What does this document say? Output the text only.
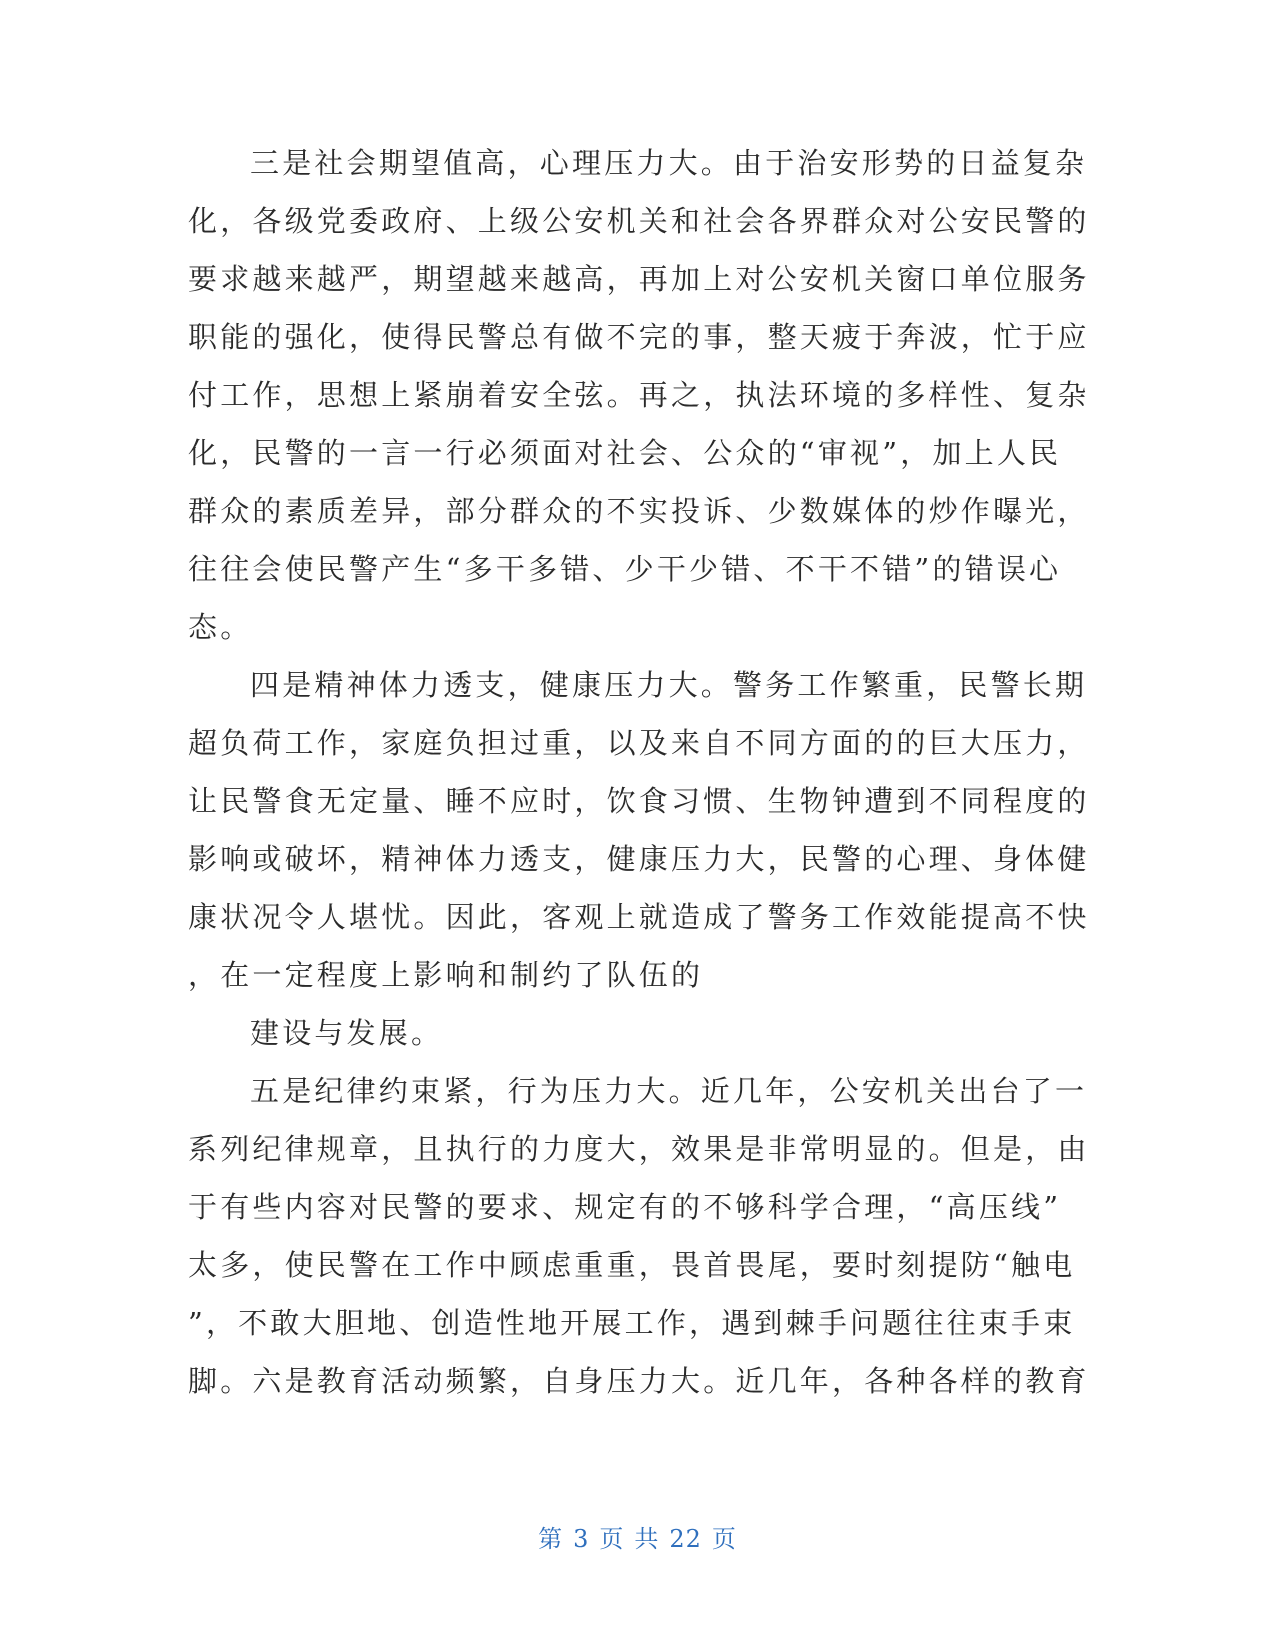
三是社会期望值高，心理压力大。由于治安形势的日益复杂
化，各级党委政府、上级公安机关和社会各界群众对公安民警的
要求越来越严，期望越来越高，再加上对公安机关窗口单位服务
职能的强化，使得民警总有做不完的事，整天疲于奔波，忙于应
付工作，思想上紧崩着安全弦。再之，执法环境的多样性、复杂
化，民警的一言一行必须面对社会、公众的“审视”，加上人民
群众的素质差异，部分群众的不实投诉、少数媒体的炒作曝光，
往往会使民警产生“多干多错、少干少错、不干不错”的错误心
态。
四是精神体力透支，健康压力大。警务工作繁重，民警长期
超负荷工作，家庭负担过重，以及来自不同方面的的巨大压力，
让民警食无定量、睡不应时，饮食习惯、生物钟遭到不同程度的
影响或破坏，精神体力透支，健康压力大，民警的心理、身体健
康状况令人堪忧。因此，客观上就造成了警务工作效能提高不快
，在一定程度上影响和制约了队伍的
建设与发展。
五是纪律约束紧，行为压力大。近几年，公安机关出台了一
系列纪律规章，且执行的力度大，效果是非常明显的。但是，由
于有些内容对民警的要求、规定有的不够科学合理，“高压线”
太多，使民警在工作中顾虑重重，畏首畏尾，要时刻提防“触电
”，不敢大胆地、创造性地开展工作，遇到棘手问题往往束手束
脚。六是教育活动频繁，自身压力大。近几年，各种各样的教育
第 3 页 共 22 页
